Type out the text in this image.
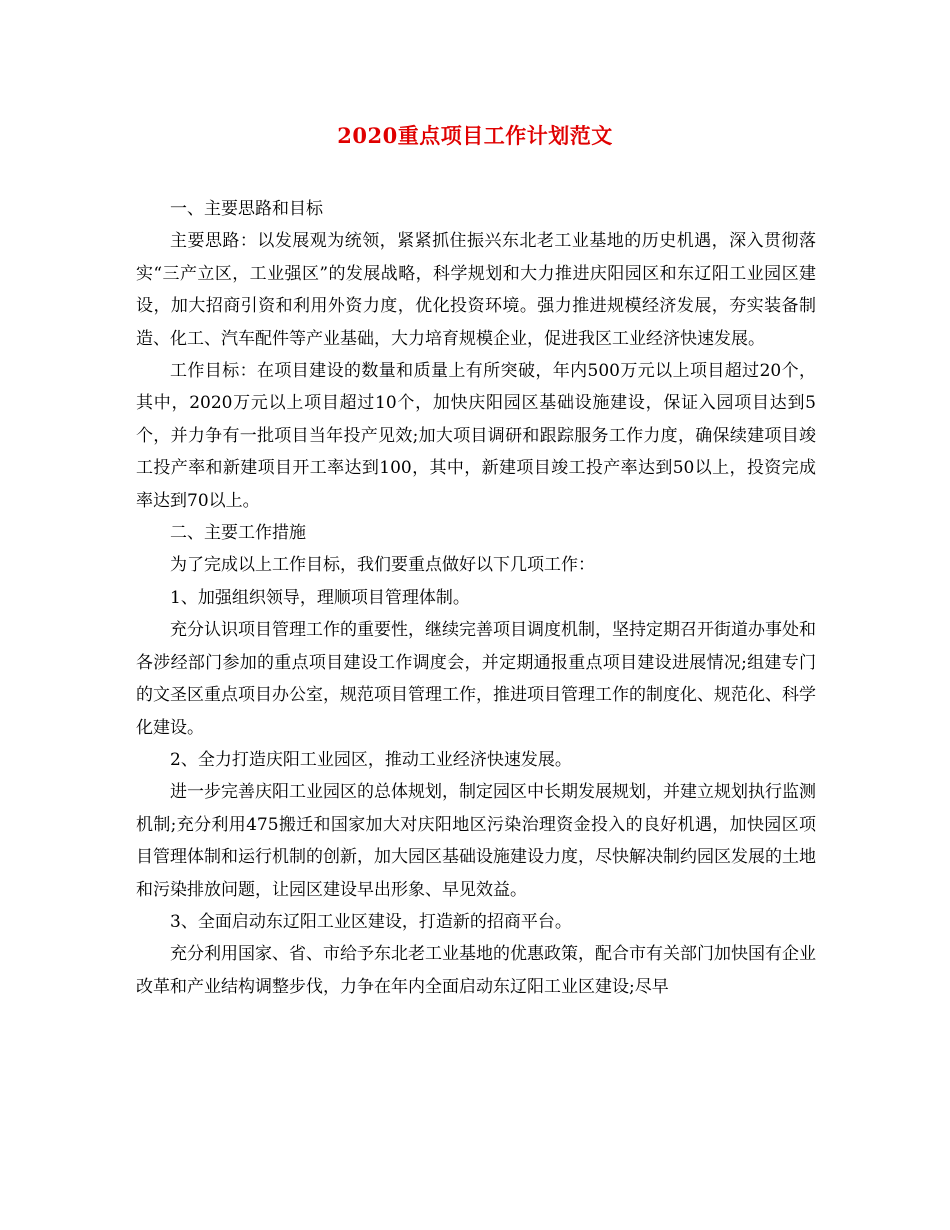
2020重点项目工作计划范文

一、主要思路和目标

主要思路：以发展观为统领，紧紧抓住振兴东北老工业基地的历史机遇，深入贯彻落实“三产立区，工业强区”的发展战略，科学规划和大力推进庆阳园区和东辽阳工业园区建设，加大招商引资和利用外资力度，优化投资环境。强力推进规模经济发展，夯实装备制造、化工、汽车配件等产业基础，大力培育规模企业，促进我区工业经济快速发展。

工作目标：在项目建设的数量和质量上有所突破，年内500万元以上项目超过20个，其中，2020万元以上项目超过10个，加快庆阳园区基础设施建设，保证入园项目达到5个，并力争有一批项目当年投产见效;加大项目调研和跟踪服务工作力度，确保续建项目竣工投产率和新建项目开工率达到100，其中，新建项目竣工投产率达到50以上，投资完成率达到70以上。

二、主要工作措施

为了完成以上工作目标，我们要重点做好以下几项工作：

1、加强组织领导，理顺项目管理体制。

充分认识项目管理工作的重要性，继续完善项目调度机制，坚持定期召开街道办事处和各涉经部门参加的重点项目建设工作调度会，并定期通报重点项目建设进展情况;组建专门的文圣区重点项目办公室，规范项目管理工作，推进项目管理工作的制度化、规范化、科学化建设。

2、全力打造庆阳工业园区，推动工业经济快速发展。

进一步完善庆阳工业园区的总体规划，制定园区中长期发展规划，并建立规划执行监测机制;充分利用475搬迁和国家加大对庆阳地区污染治理资金投入的良好机遇，加快园区项目管理体制和运行机制的创新，加大园区基础设施建设力度，尽快解决制约园区发展的土地和污染排放问题，让园区建设早出形象、早见效益。

3、全面启动东辽阳工业区建设，打造新的招商平台。

充分利用国家、省、市给予东北老工业基地的优惠政策，配合市有关部门加快国有企业改革和产业结构调整步伐，力争在年内全面启动东辽阳工业区建设;尽早
